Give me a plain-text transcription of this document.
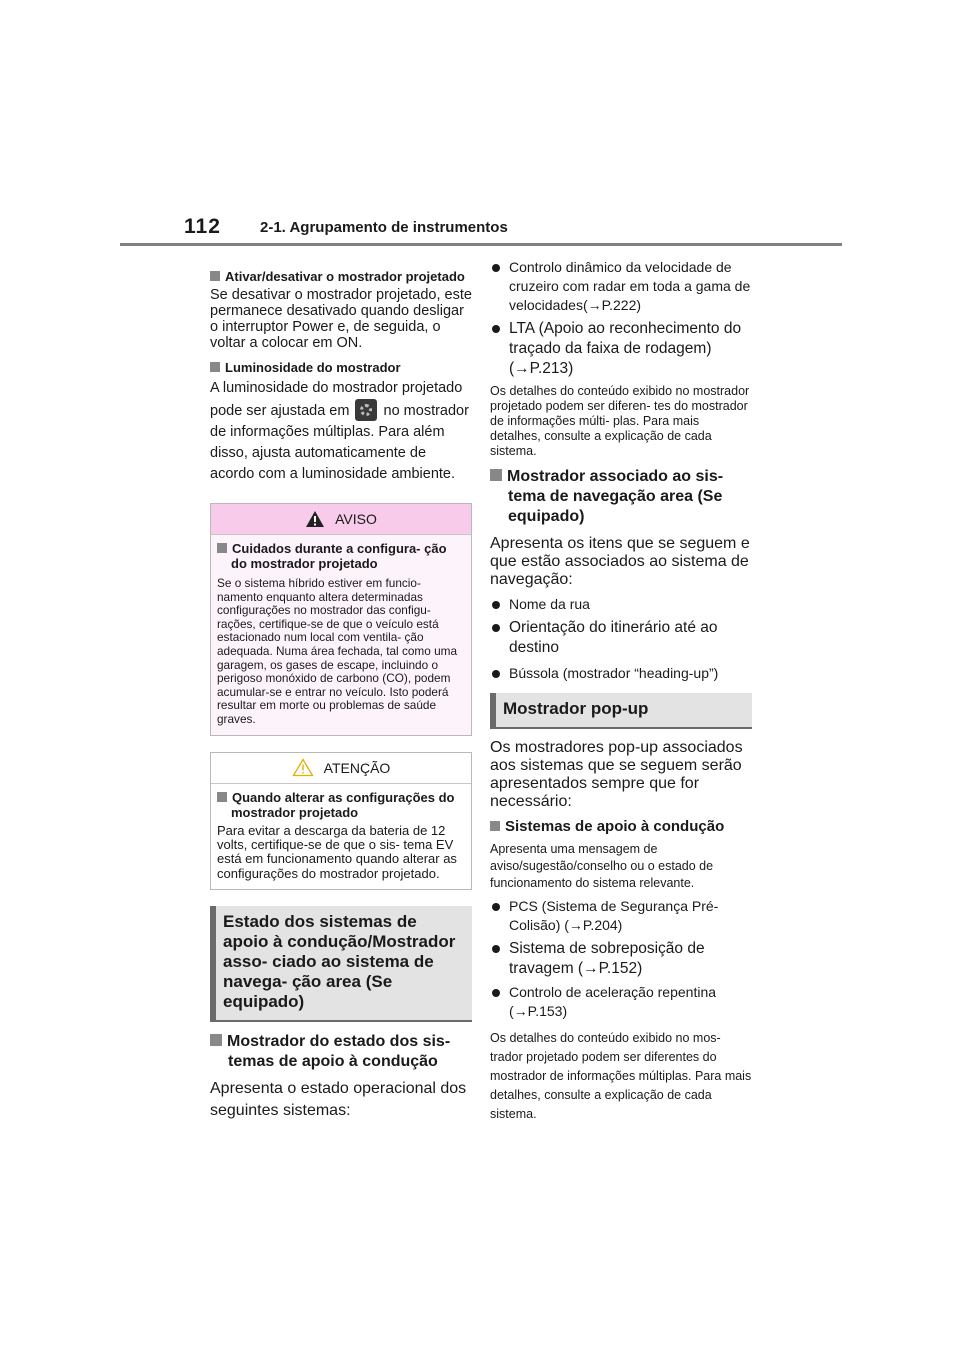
112	2-1. Agrupamento de instrumentos
Ativar/desativar o mostrador projetado
Se desativar o mostrador projetado, este permanece desativado quando desligar o interruptor Power e, de seguida, o voltar a colocar em ON.
Luminosidade do mostrador
A luminosidade do mostrador projetado pode ser ajustada em no mostrador de informações múltiplas. Para além disso, ajusta automaticamente de acordo com a luminosidade ambiente.
AVISO
Cuidados durante a configura- ção do mostrador projetado
Se o sistema híbrido estiver em funcio- namento enquanto altera determinadas configurações no mostrador das configu- rações, certifique-se de que o veículo está estacionado num local com ventila- ção adequada. Numa área fechada, tal como uma garagem, os gases de escape, incluindo o perigoso monóxido de carbono (CO), podem acumular-se e entrar no veículo. Isto poderá resultar em morte ou problemas de saúde graves.
ATENÇÃO
Quando alterar as configurações do mostrador projetado
Para evitar a descarga da bateria de 12 volts, certifique-se de que o sis- tema EV está em funcionamento quando alterar as configurações do mostrador projetado.
Estado dos sistemas de apoio à condução/Mostrador asso- ciado ao sistema de navega- ção area (Se equipado)
Mostrador do estado dos sis- temas de apoio à condução
Apresenta o estado operacional dos seguintes sistemas:
Controlo dinâmico da velocidade de cruzeiro com radar em toda a gama de velocidades(→P.222)
LTA (Apoio ao reconhecimento do traçado da faixa de rodagem) (→P.213)
Os detalhes do conteúdo exibido no mostrador projetado podem ser diferen- tes do mostrador de informações múlti- plas. Para mais detalhes, consulte a explicação de cada sistema.
Mostrador associado ao sis- tema de navegação area (Se equipado)
Apresenta os itens que se seguem e que estão associados ao sistema de navegação:
Nome da rua
Orientação do itinerário até ao destino
Bússola (mostrador “heading-up”)
Mostrador pop-up
Os mostradores pop-up associados aos sistemas que se seguem serão apresentados sempre que for necessário:
Sistemas de apoio à condução
Apresenta uma mensagem de aviso/sugestão/conselho ou o estado de funcionamento do sistema relevante.
PCS (Sistema de Segurança Pré-Colisão) (→P.204)
Sistema de sobreposição de travagem (→P.152)
Controlo de aceleração repentina (→P.153)
Os detalhes do conteúdo exibido no mos- trador projetado podem ser diferentes do mostrador de informações múltiplas. Para mais detalhes, consulte a explicação de cada sistema.
